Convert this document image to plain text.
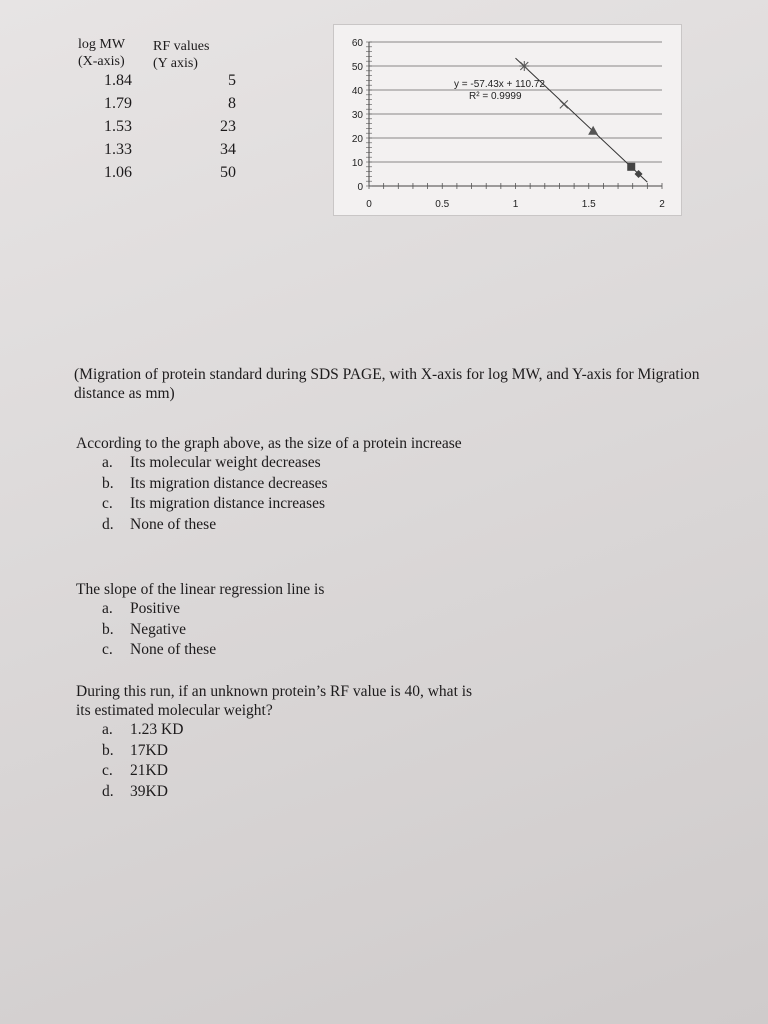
log MW
(X-axis)
RF values
(Y axis)
1.84	5
1.79	8
1.53	23
1.33	34
1.06	50
0
10
20
30
40
50
60
0	0.5	1	1.5	2
y = -57.43x + 110.72
R² = 0.9999
(Migration of protein standard during SDS PAGE, with X-axis for log MW, and Y-axis for Migration distance as mm)
According to the graph above, as the size of a protein increase
a. Its molecular weight decreases
b. Its migration distance decreases
c. Its migration distance increases
d. None of these
The slope of the linear regression line is
a. Positive
b. Negative
c. None of these
During this run, if an unknown protein’s RF value is 40, what is its estimated molecular weight?
a. 1.23 KD
b. 17KD
c. 21KD
d. 39KD
